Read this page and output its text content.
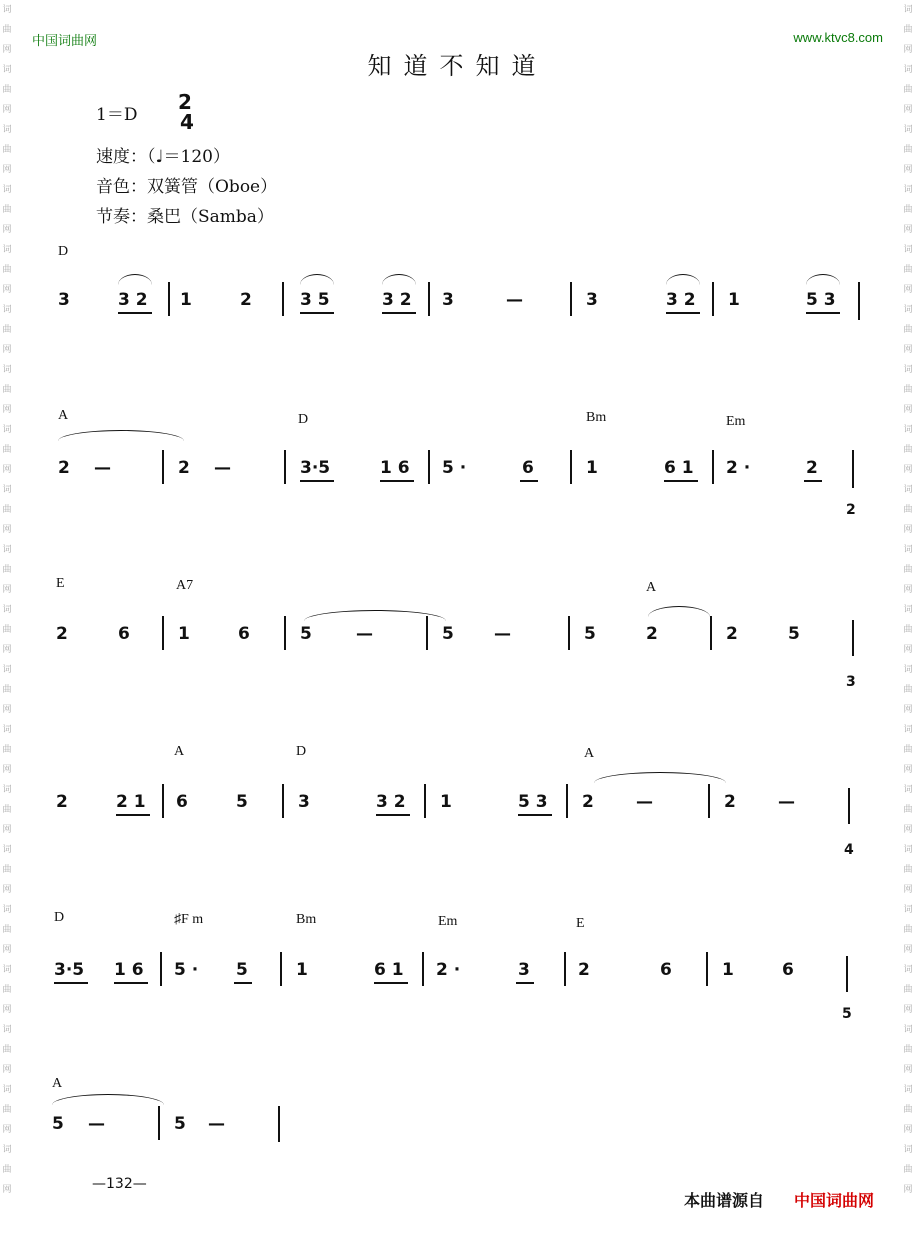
词
曲
网
词
曲
网
词
曲
网
词
曲
网
词
曲
网
词
曲
网
词
曲
网
词
曲
网
词
曲
网
词
曲
网
词
曲
网
词
曲
网
词
曲
网
词
曲
网
词
曲
网
词
曲
网
词
曲
网
词
曲
网
词
曲
网
词
曲
网
词
曲
网
词
曲
网
词
曲
网
词
曲
网
词
曲
网
词
曲
网
词
曲
网
词
曲
网
词
曲
网
词
曲
网
词
曲
网
词
曲
网
词
曲
网
词
曲
网
词
曲
网
词
曲
网
词
曲
网
词
曲
网
词
曲
网
词
曲
网
中国词曲网	www.ktvc8.com
知道不知道
1＝D
2
4
速度：（♩＝120）
音色：双簧管（Oboe）
节奏：桑巴（Samba）
D
3	3 2 1	2	3 5	3 2 3	—	3	3 2 1	5 3
A	D	Bm	Em
2 —	2 —	3·5	1 6 5 ·	6	1	6 1 2 ·	2
2
E	A7	A
2	6	1	6	5	—	5 —	5	2	2	5
3
A	D	A
2	2 1 6	5	3	3 2 1	5 3 2 —	2 —
4
D	♯F m	Bm	Em	E
3·5 1 6 5 · 5	1	6 1 2 ·	3	2	6	1	6
5
A
5 —	5 —
—132—
本曲谱源自 中国词曲网
